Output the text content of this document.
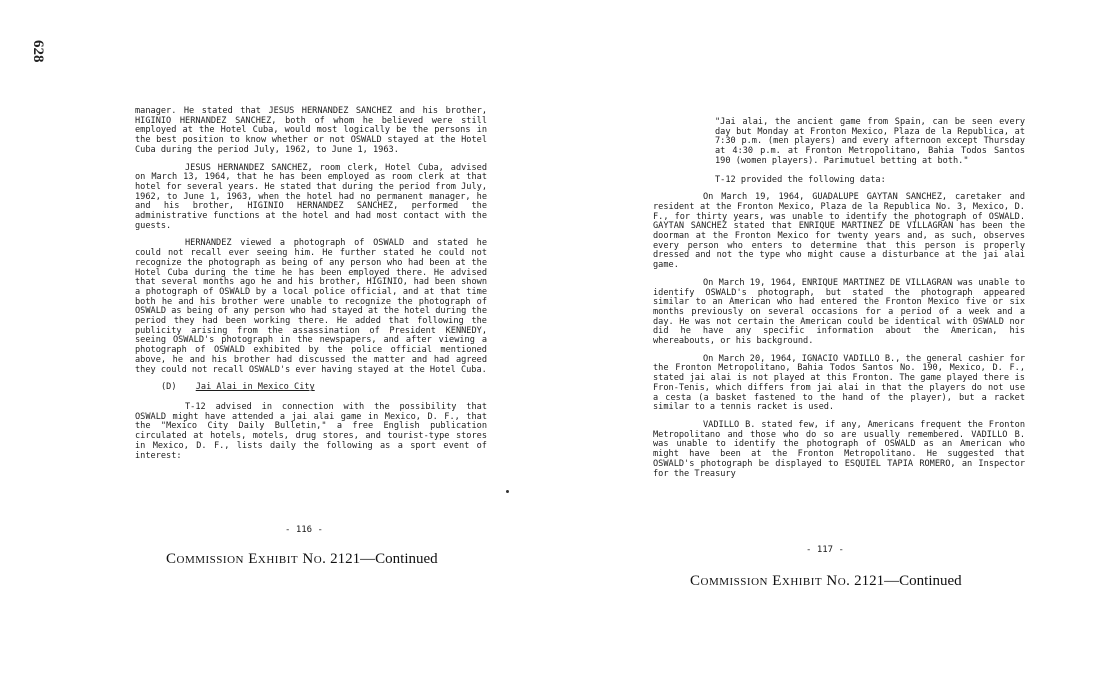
628

manager. He stated that JESUS HERNANDEZ SANCHEZ and his brother, HIGINIO HERNANDEZ SANCHEZ, both of whom he believed were still employed at the Hotel Cuba, would most logically be the persons in the best position to know whether or not OSWALD stayed at the Hotel Cuba during the period July, 1962, to June 1, 1963.

JESUS HERNANDEZ SANCHEZ, room clerk, Hotel Cuba, advised on March 13, 1964, that he has been employed as room clerk at that hotel for several years. He stated that during the period from July, 1962, to June 1, 1963, when the hotel had no permanent manager, he and his brother, HIGINIO HERNANDEZ SANCHEZ, performed the administrative functions at the hotel and had most contact with the guests.

HERNANDEZ viewed a photograph of OSWALD and stated he could not recall ever seeing him. He further stated he could not recognize the photograph as being of any person who had been at the Hotel Cuba during the time he has been employed there. He advised that several months ago he and his brother, HIGINIO, had been shown a photograph of OSWALD by a local police official, and at that time both he and his brother were unable to recognize the photograph of OSWALD as being of any person who had stayed at the hotel during the period they had been working there. He added that following the publicity arising from the assassination of President KENNEDY, seeing OSWALD's photograph in the newspapers, and after viewing a photograph of OSWALD exhibited by the police official mentioned above, he and his brother had discussed the matter and had agreed they could not recall OSWALD's ever having stayed at the Hotel Cuba.

(D) Jai Alai in Mexico City

T-12 advised in connection with the possibility that OSWALD might have attended a jai alai game in Mexico, D. F., that the "Mexico City Daily Bulletin," a free English publication circulated at hotels, motels, drug stores, and tourist-type stores in Mexico, D. F., lists daily the following as a sport event of interest:

- 116 -
Commission Exhibit No. 2121—Continued

"Jai alai, the ancient game from Spain, can be seen every day but Monday at Fronton Mexico, Plaza de la Republica, at 7:30 p.m. (men players) and every afternoon except Thursday at 4:30 p.m. at Fronton Metropolitano, Bahia Todos Santos 190 (women players). Parimutuel betting at both."

T-12 provided the following data:

On March 19, 1964, GUADALUPE GAYTAN SANCHEZ, caretaker and resident at the Fronton Mexico, Plaza de la Republica No. 3, Mexico, D. F., for thirty years, was unable to identify the photograph of OSWALD. GAYTAN SANCHEZ stated that ENRIQUE MARTINEZ DE VILLAGRAN has been the doorman at the Fronton Mexico for twenty years and, as such, observes every person who enters to determine that this person is properly dressed and not the type who might cause a disturbance at the jai alai game.

On March 19, 1964, ENRIQUE MARTINEZ DE VILLAGRAN was unable to identify OSWALD's photograph, but stated the photograph appeared similar to an American who had entered the Fronton Mexico five or six months previously on several occasions for a period of a week and a day. He was not certain the American could be identical with OSWALD nor did he have any specific information about the American, his whereabouts, or his background.

On March 20, 1964, IGNACIO VADILLO B., the general cashier for the Fronton Metropolitano, Bahia Todos Santos No. 190, Mexico, D. F., stated jai alai is not played at this Fronton. The game played there is Fron-Tenis, which differs from jai alai in that the players do not use a cesta (a basket fastened to the hand of the player), but a racket similar to a tennis racket is used.

VADILLO B. stated few, if any, Americans frequent the Fronton Metropolitano and those who do so are usually remembered. VADILLO B. was unable to identify the photograph of OSWALD as an American who might have been at the Fronton Metropolitano. He suggested that OSWALD's photograph be displayed to ESQUIEL TAPIA ROMERO, an Inspector for the Treasury

- 117 -
Commission Exhibit No. 2121—Continued
